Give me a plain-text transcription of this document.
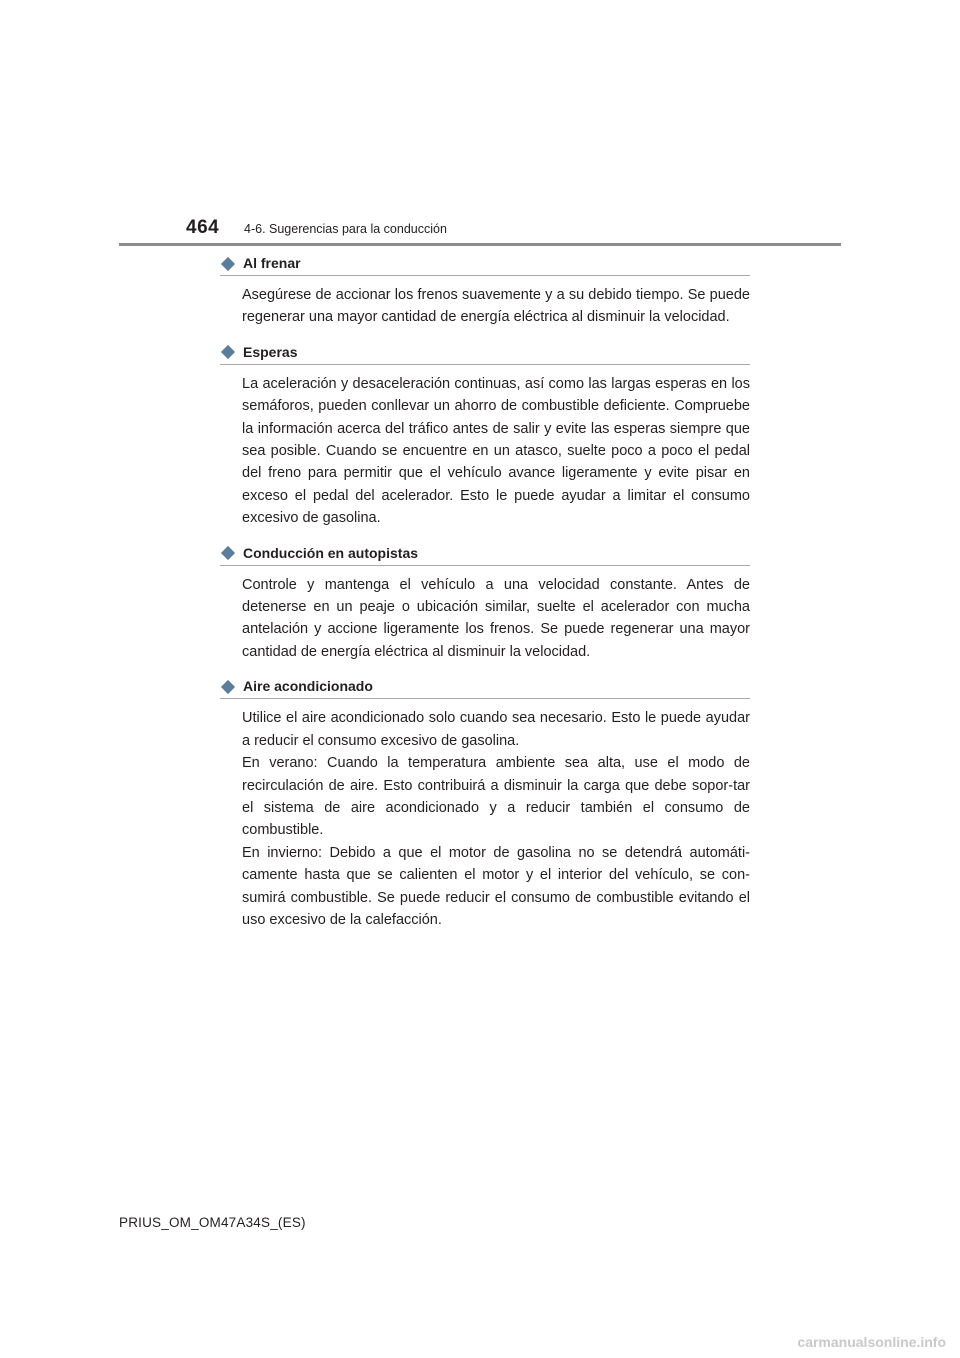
464 4-6. Sugerencias para la conducción
Al frenar

Asegúrese de accionar los frenos suavemente y a su debido tiempo. Se puede regenerar una mayor cantidad de energía eléctrica al disminuir la velocidad.

Esperas

La aceleración y desaceleración continuas, así como las largas esperas en los semáforos, pueden conllevar un ahorro de combustible deficiente. Compruebe la información acerca del tráfico antes de salir y evite las esperas siempre que sea posible. Cuando se encuentre en un atasco, suelte poco a poco el pedal del freno para permitir que el vehículo avance ligeramente y evite pisar en exceso el pedal del acelerador. Esto le puede ayudar a limitar el consumo excesivo de gasolina.

Conducción en autopistas

Controle y mantenga el vehículo a una velocidad constante. Antes de detenerse en un peaje o ubicación similar, suelte el acelerador con mucha antelación y accione ligeramente los frenos. Se puede regenerar una mayor cantidad de energía eléctrica al disminuir la velocidad.

Aire acondicionado

Utilice el aire acondicionado solo cuando sea necesario. Esto le puede ayudar a reducir el consumo excesivo de gasolina.

En verano: Cuando la temperatura ambiente sea alta, use el modo de recirculación de aire. Esto contribuirá a disminuir la carga que debe sopor-tar el sistema de aire acondicionado y a reducir también el consumo de combustible.

En invierno: Debido a que el motor de gasolina no se detendrá automáti-camente hasta que se calienten el motor y el interior del vehículo, se con-sumirá combustible. Se puede reducir el consumo de combustible evitando el uso excesivo de la calefacción.

PRIUS_OM_OM47A34S_(ES)
carmanualsonline.info
